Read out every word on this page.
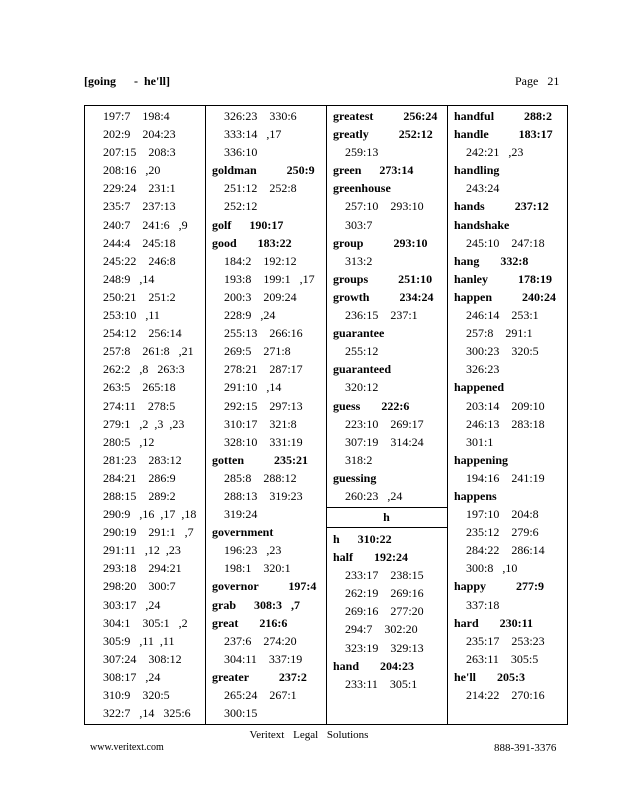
[going      -  he'll]	Page   21
197:7    198:4
202:9    204:23
207:15    208:3
208:16   ,20
229:24    231:1
235:7    237:13
240:7    241:6   ,9
244:4    245:18
245:22    246:8
248:9   ,14
250:21    251:2
253:10   ,11
254:12    256:14
257:8    261:8   ,21
262:2   ,8   263:3
263:5    265:18
274:11    278:5
279:1   ,2  ,3  ,23
280:5   ,12
281:23    283:12
284:21    286:9
288:15    289:2
290:9   ,16  ,17  ,18
290:19    291:1   ,7
291:11   ,12  ,23
293:18    294:21
298:20    300:7
303:17   ,24
304:1    305:1   ,2
305:9   ,11  ,11
307:24    308:12
308:17   ,24
310:9    320:5
322:7   ,14   325:6
326:23    330:6
333:14   ,17
336:10
goldman          250:9
251:12    252:8
252:12
golf      190:17
good       183:22
184:2    192:12
193:8    199:1   ,17
200:3    209:24
228:9   ,24
255:13    266:16
269:5    271:8
278:21    287:17
291:10   ,14
292:15    297:13
310:17    321:8
328:10    331:19
gotten          235:21
285:8    288:12
288:13    319:23
319:24
government
196:23   ,23
198:1    320:1
governor          197:4
grab      308:3   ,7
great       216:6
237:6    274:20
304:11    337:19
greater          237:2
265:24    267:1
300:15
greatest          256:24
greatly          252:12
259:13
green      273:14
greenhouse
257:10    293:10
303:7
group          293:10
313:2
groups          251:10
growth          234:24
236:15    237:1
guarantee
255:12
guaranteed
320:12
guess       222:6
223:10    269:17
307:19    314:24
318:2
guessing
260:23   ,24
h      310:22
half       192:24
233:17    238:15
262:19    269:16
269:16    277:20
294:7    302:20
323:19    329:13
hand       204:23
233:11    305:1
handful          288:2
handle          183:17
242:21   ,23
handling
243:24
hands          237:12
handshake
245:10    247:18
hang       332:8
hanley          178:19
happen          240:24
246:14    253:1
257:8    291:1
300:23    320:5
326:23
happened
203:14    209:10
246:13    283:18
301:1
happening
194:16    241:19
happens
197:10    204:8
235:12    279:6
284:22    286:14
300:8   ,10
happy          277:9
337:18
hard       230:11
235:17    253:23
263:11    305:5
he'll       205:3
214:22    270:16
h
Veritext Legal Solutions
www.veritext.com	888-391-3376
